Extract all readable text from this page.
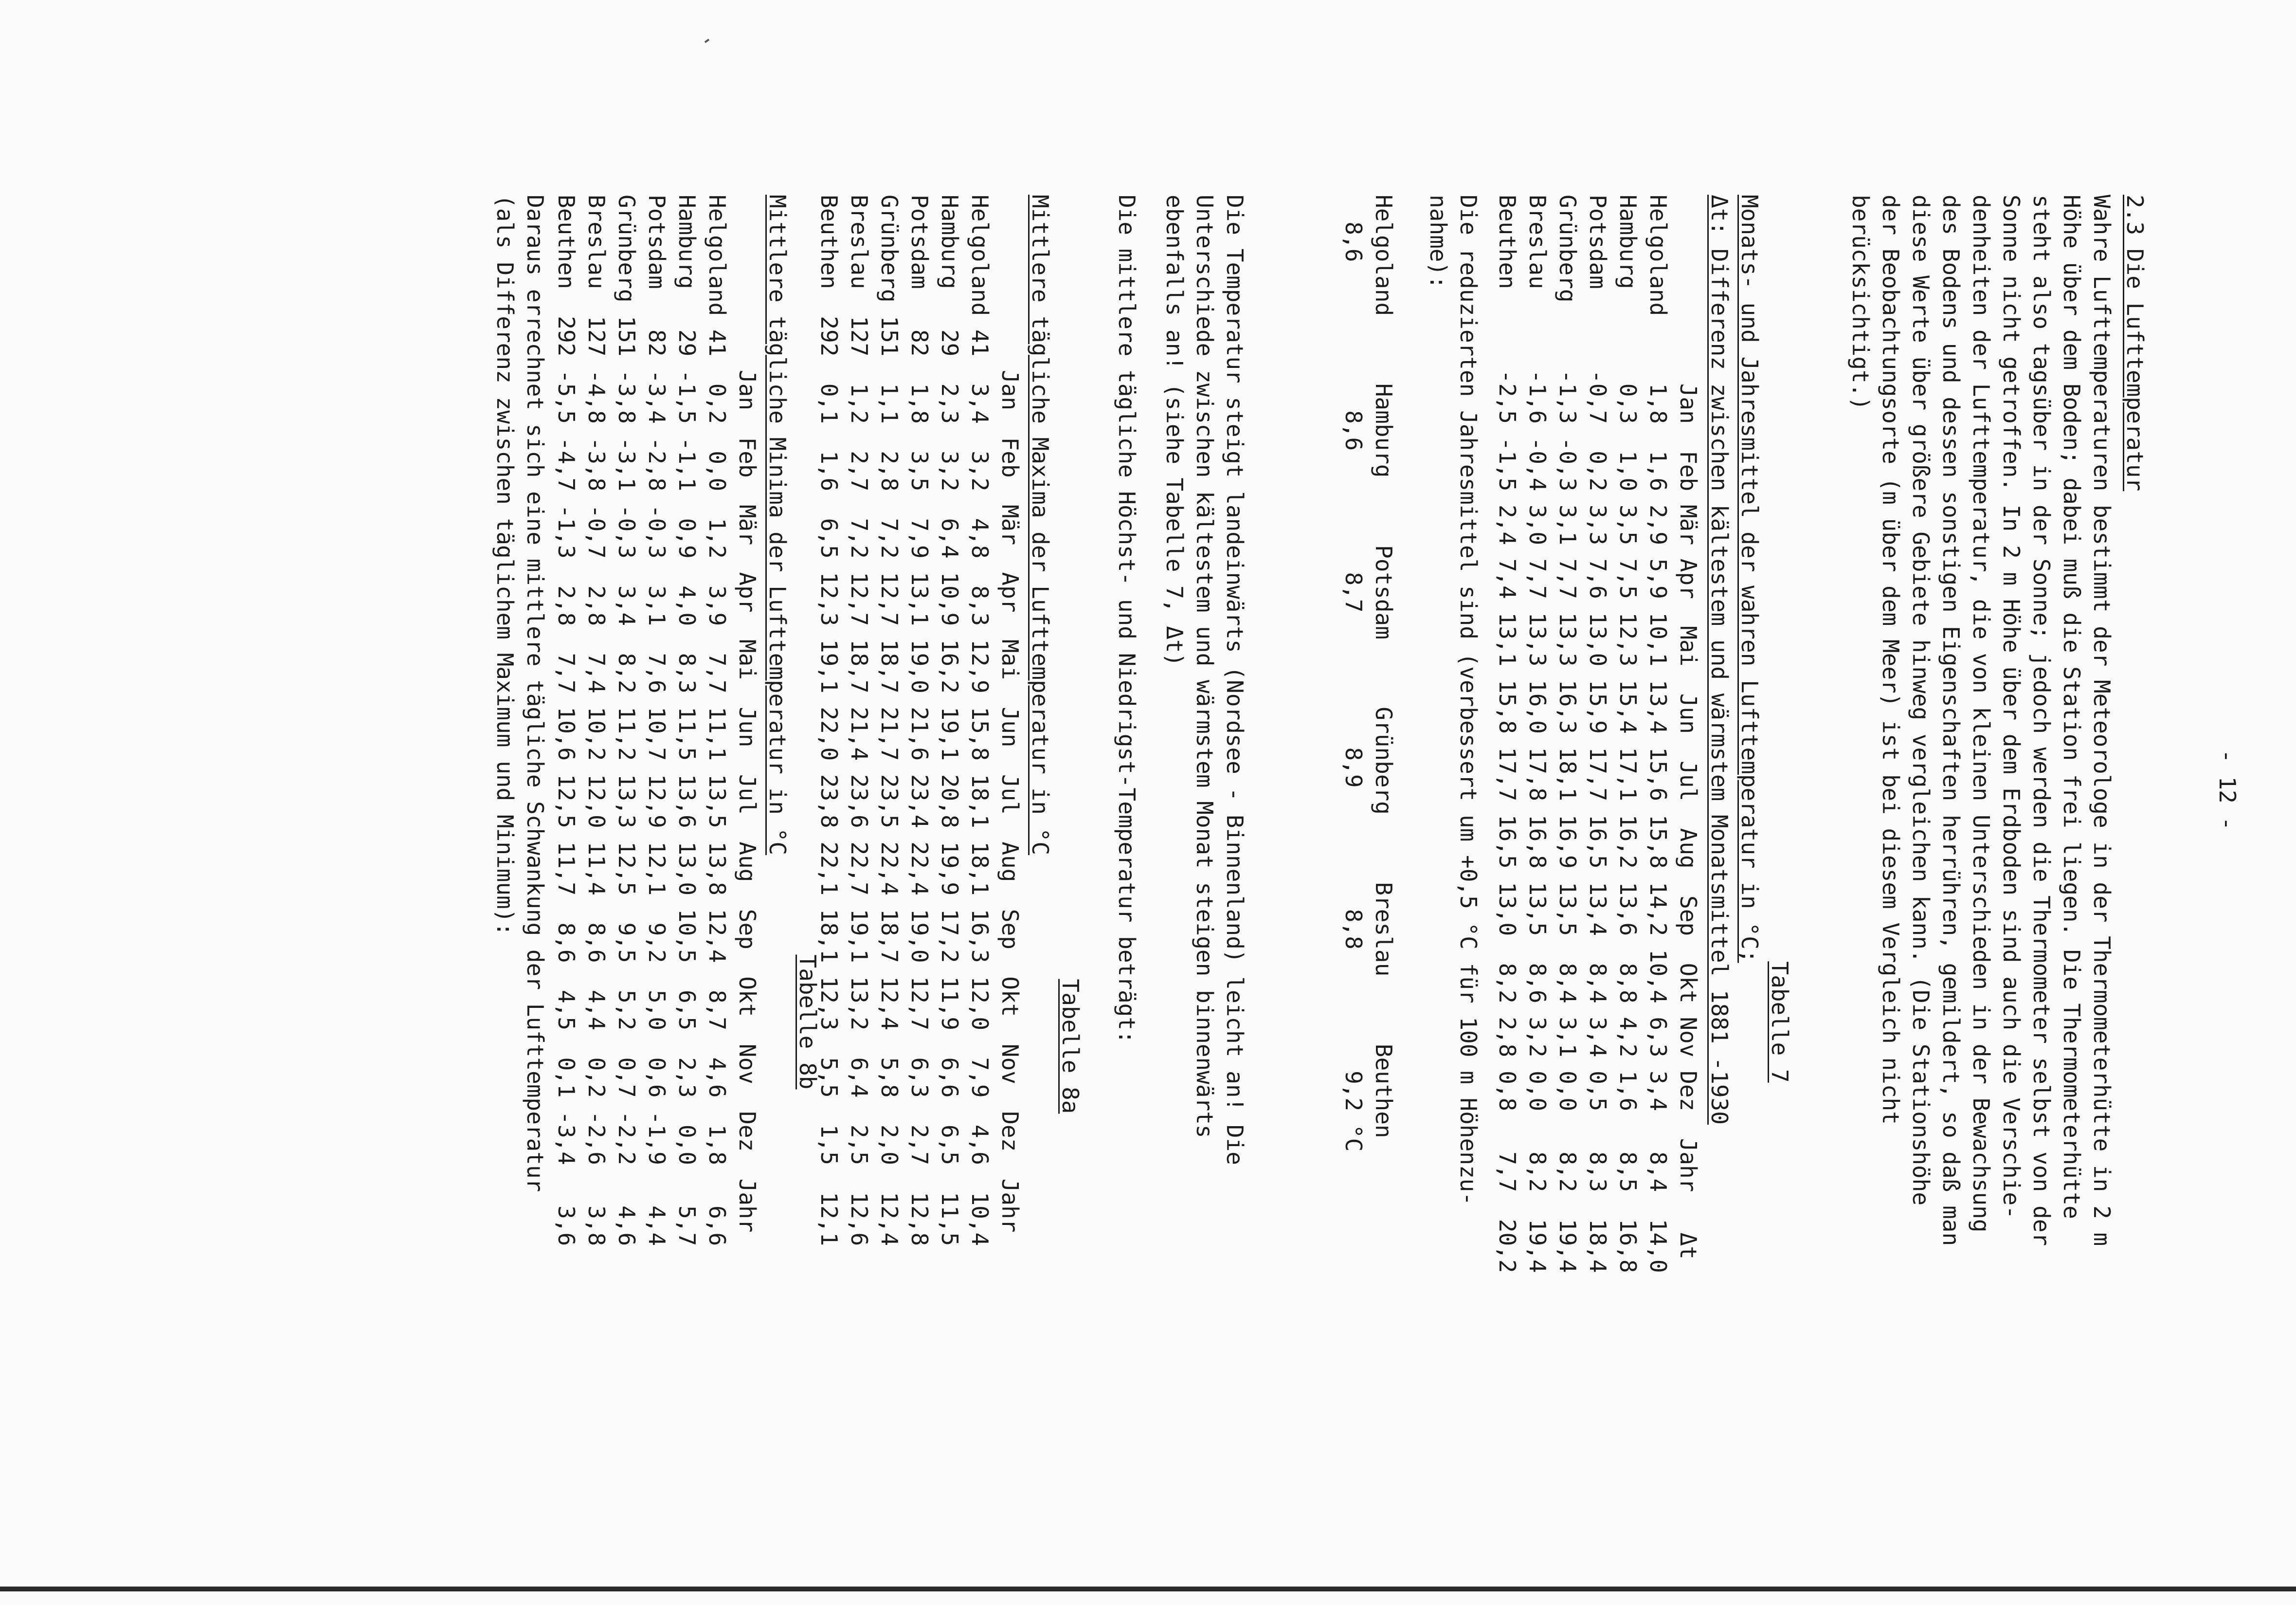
- 12 -
2.3 Die Lufttemperatur
Wahre Lufttemperaturen bestimmt der Meteorologe in der Thermometerhütte in 2 m
Höhe über dem Boden; dabei muß die Station frei liegen. Die Thermometerhütte
steht also tagsüber in der Sonne; jedoch werden die Thermometer selbst von der
Sonne nicht getroffen. In 2 m Höhe über dem Erdboden sind auch die Verschie-
denheiten der Lufttemperatur, die von kleinen Unterschieden in der Bewachsung
des Bodens und dessen sonstigen Eigenschaften herrühren, gemildert, so daß man
diese Werte über größere Gebiete hinweg vergleichen kann. (Die Stationshöhe
der Beobachtungsorte (m über dem Meer) ist bei diesem Vergleich nicht
berücksichtigt.)
Tabelle 7
Monats- und Jahresmittel der wahren Lufttemperatur in °C;
Δt: Differenz zwischen kältestem und wärmstem Monatsmittel 1881 -1930
Jan  Feb Mär Apr  Mai  Jun  Jul  Aug  Sep  Okt Nov Dez  Jahr   Δt
Helgoland     1,8  1,6 2,9 5,9 10,1 13,4 15,6 15,8 14,2 10,4 6,3 3,4   8,4  14,0
Hamburg       0,3  1,0 3,5 7,5 12,3 15,4 17,1 16,2 13,6  8,8 4,2 1,6   8,5  16,8
Potsdam      -0,7  0,2 3,3 7,6 13,0 15,9 17,7 16,5 13,4  8,4 3,4 0,5   8,3  18,4
Grünberg     -1,3 -0,3 3,1 7,7 13,3 16,3 18,1 16,9 13,5  8,4 3,1 0,0   8,2  19,4
Breslau      -1,6 -0,4 3,0 7,7 13,3 16,0 17,8 16,8 13,5  8,6 3,2 0,0   8,2  19,4
Beuthen      -2,5 -1,5 2,4 7,4 13,1 15,8 17,7 16,5 13,0  8,2 2,8 0,8   7,7  20,2
Die reduzierten Jahresmittel sind (verbessert um +0,5 °C für 100 m Höhenzu-
nahme):
Helgoland     Hamburg     Potsdam     Grünberg     Breslau     Beuthen
8,6           8,6         8,7          8,9         8,8         9,2 °C
Die Temperatur steigt landeinwärts (Nordsee - Binnenland) leicht an! Die
Unterschiede zwischen kältestem und wärmstem Monat steigen binnenwärts
ebenfalls an! (siehe Tabelle 7, Δt)
Die mittlere tägliche Höchst- und Niedrigst-Temperatur beträgt:
Tabelle 8a
Mittlere tägliche Maxima der Lufttemperatur in °C
Jan  Feb  Mär  Apr  Mai  Jun  Jul  Aug  Sep  Okt  Nov  Dez  Jahr
Helgoland 41  3,4  3,2  4,8  8,3 12,9 15,8 18,1 18,1 16,3 12,0  7,9  4,6  10,4
Hamburg   29  2,3  3,2  6,4 10,9 16,2 19,1 20,8 19,9 17,2 11,9  6,6  6,5  11,5
Potsdam   82  1,8  3,5  7,9 13,1 19,0 21,6 23,4 22,4 19,0 12,7  6,3  2,7  12,8
Grünberg 151  1,1  2,8  7,2 12,7 18,7 21,7 23,5 22,4 18,7 12,4  5,8  2,0  12,4
Breslau  127  1,2  2,7  7,2 12,7 18,7 21,4 23,6 22,7 19,1 13,2  6,4  2,5  12,6
Beuthen  292  0,1  1,6  6,5 12,3 19,1 22,0 23,8 22,1 18,1 12,3  5,5  1,5  12,1
Tabelle 8b
Mittlere tägliche Minima der Lufttemperatur in °C
Jan  Feb  Mär  Apr  Mai  Jun  Jul  Aug  Sep  Okt  Nov  Dez  Jahr
Helgoland 41  0,2  0,0  1,2  3,9  7,7 11,1 13,5 13,8 12,4  8,7  4,6  1,8   6,6
Hamburg   29 -1,5 -1,1  0,9  4,0  8,3 11,5 13,6 13,0 10,5  6,5  2,3  0,0   5,7
Potsdam   82 -3,4 -2,8 -0,3  3,1  7,6 10,7 12,9 12,1  9,2  5,0  0,6 -1,9   4,4
Grünberg 151 -3,8 -3,1 -0,3  3,4  8,2 11,2 13,3 12,5  9,5  5,2  0,7 -2,2   4,6
Breslau  127 -4,8 -3,8 -0,7  2,8  7,4 10,2 12,0 11,4  8,6  4,4  0,2 -2,6   3,8
Beuthen  292 -5,5 -4,7 -1,3  2,8  7,7 10,6 12,5 11,7  8,6  4,5  0,1 -3,4   3,6
Daraus errechnet sich eine mittlere tägliche Schwankung der Lufttemperatur
(als Differenz zwischen täglichem Maximum und Minimum):
